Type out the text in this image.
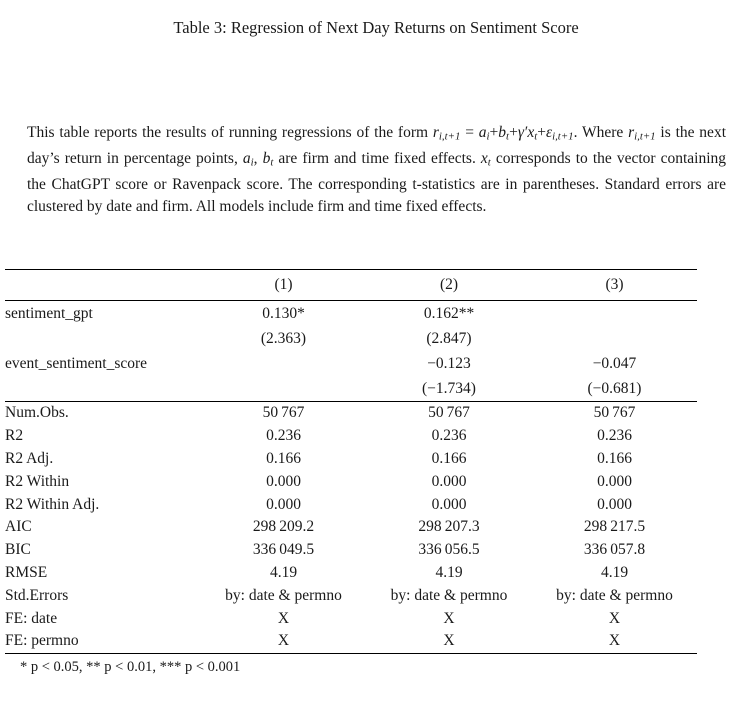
Table 3: Regression of Next Day Returns on Sentiment Score

This table reports the results of running regressions of the form ri,t+1 = ai+bt+γ′xt+εi,t+1. Where ri,t+1 is the next day’s return in percentage points, ai, bt are firm and time fixed effects. xt corresponds to the vector containing the ChatGPT score or Ravenpack score. The corresponding t-statistics are in parentheses. Standard errors are clustered by date and firm. All models include firm and time fixed effects.

	(1)	(2)	(3)
sentiment_gpt	0.130*	0.162**	
	(2.363)	(2.847)	
event_sentiment_score		−0.123	−0.047
		(−1.734)	(−0.681)
Num.Obs.	50 767	50 767	50 767
R2	0.236	0.236	0.236
R2 Adj.	0.166	0.166	0.166
R2 Within	0.000	0.000	0.000
R2 Within Adj.	0.000	0.000	0.000
AIC	298 209.2	298 207.3	298 217.5
BIC	336 049.5	336 056.5	336 057.8
RMSE	4.19	4.19	4.19
Std.Errors	by: date & permno	by: date & permno	by: date & permno
FE: date	X	X	X
FE: permno	X	X	X
* p < 0.05, ** p < 0.01, *** p < 0.001			
